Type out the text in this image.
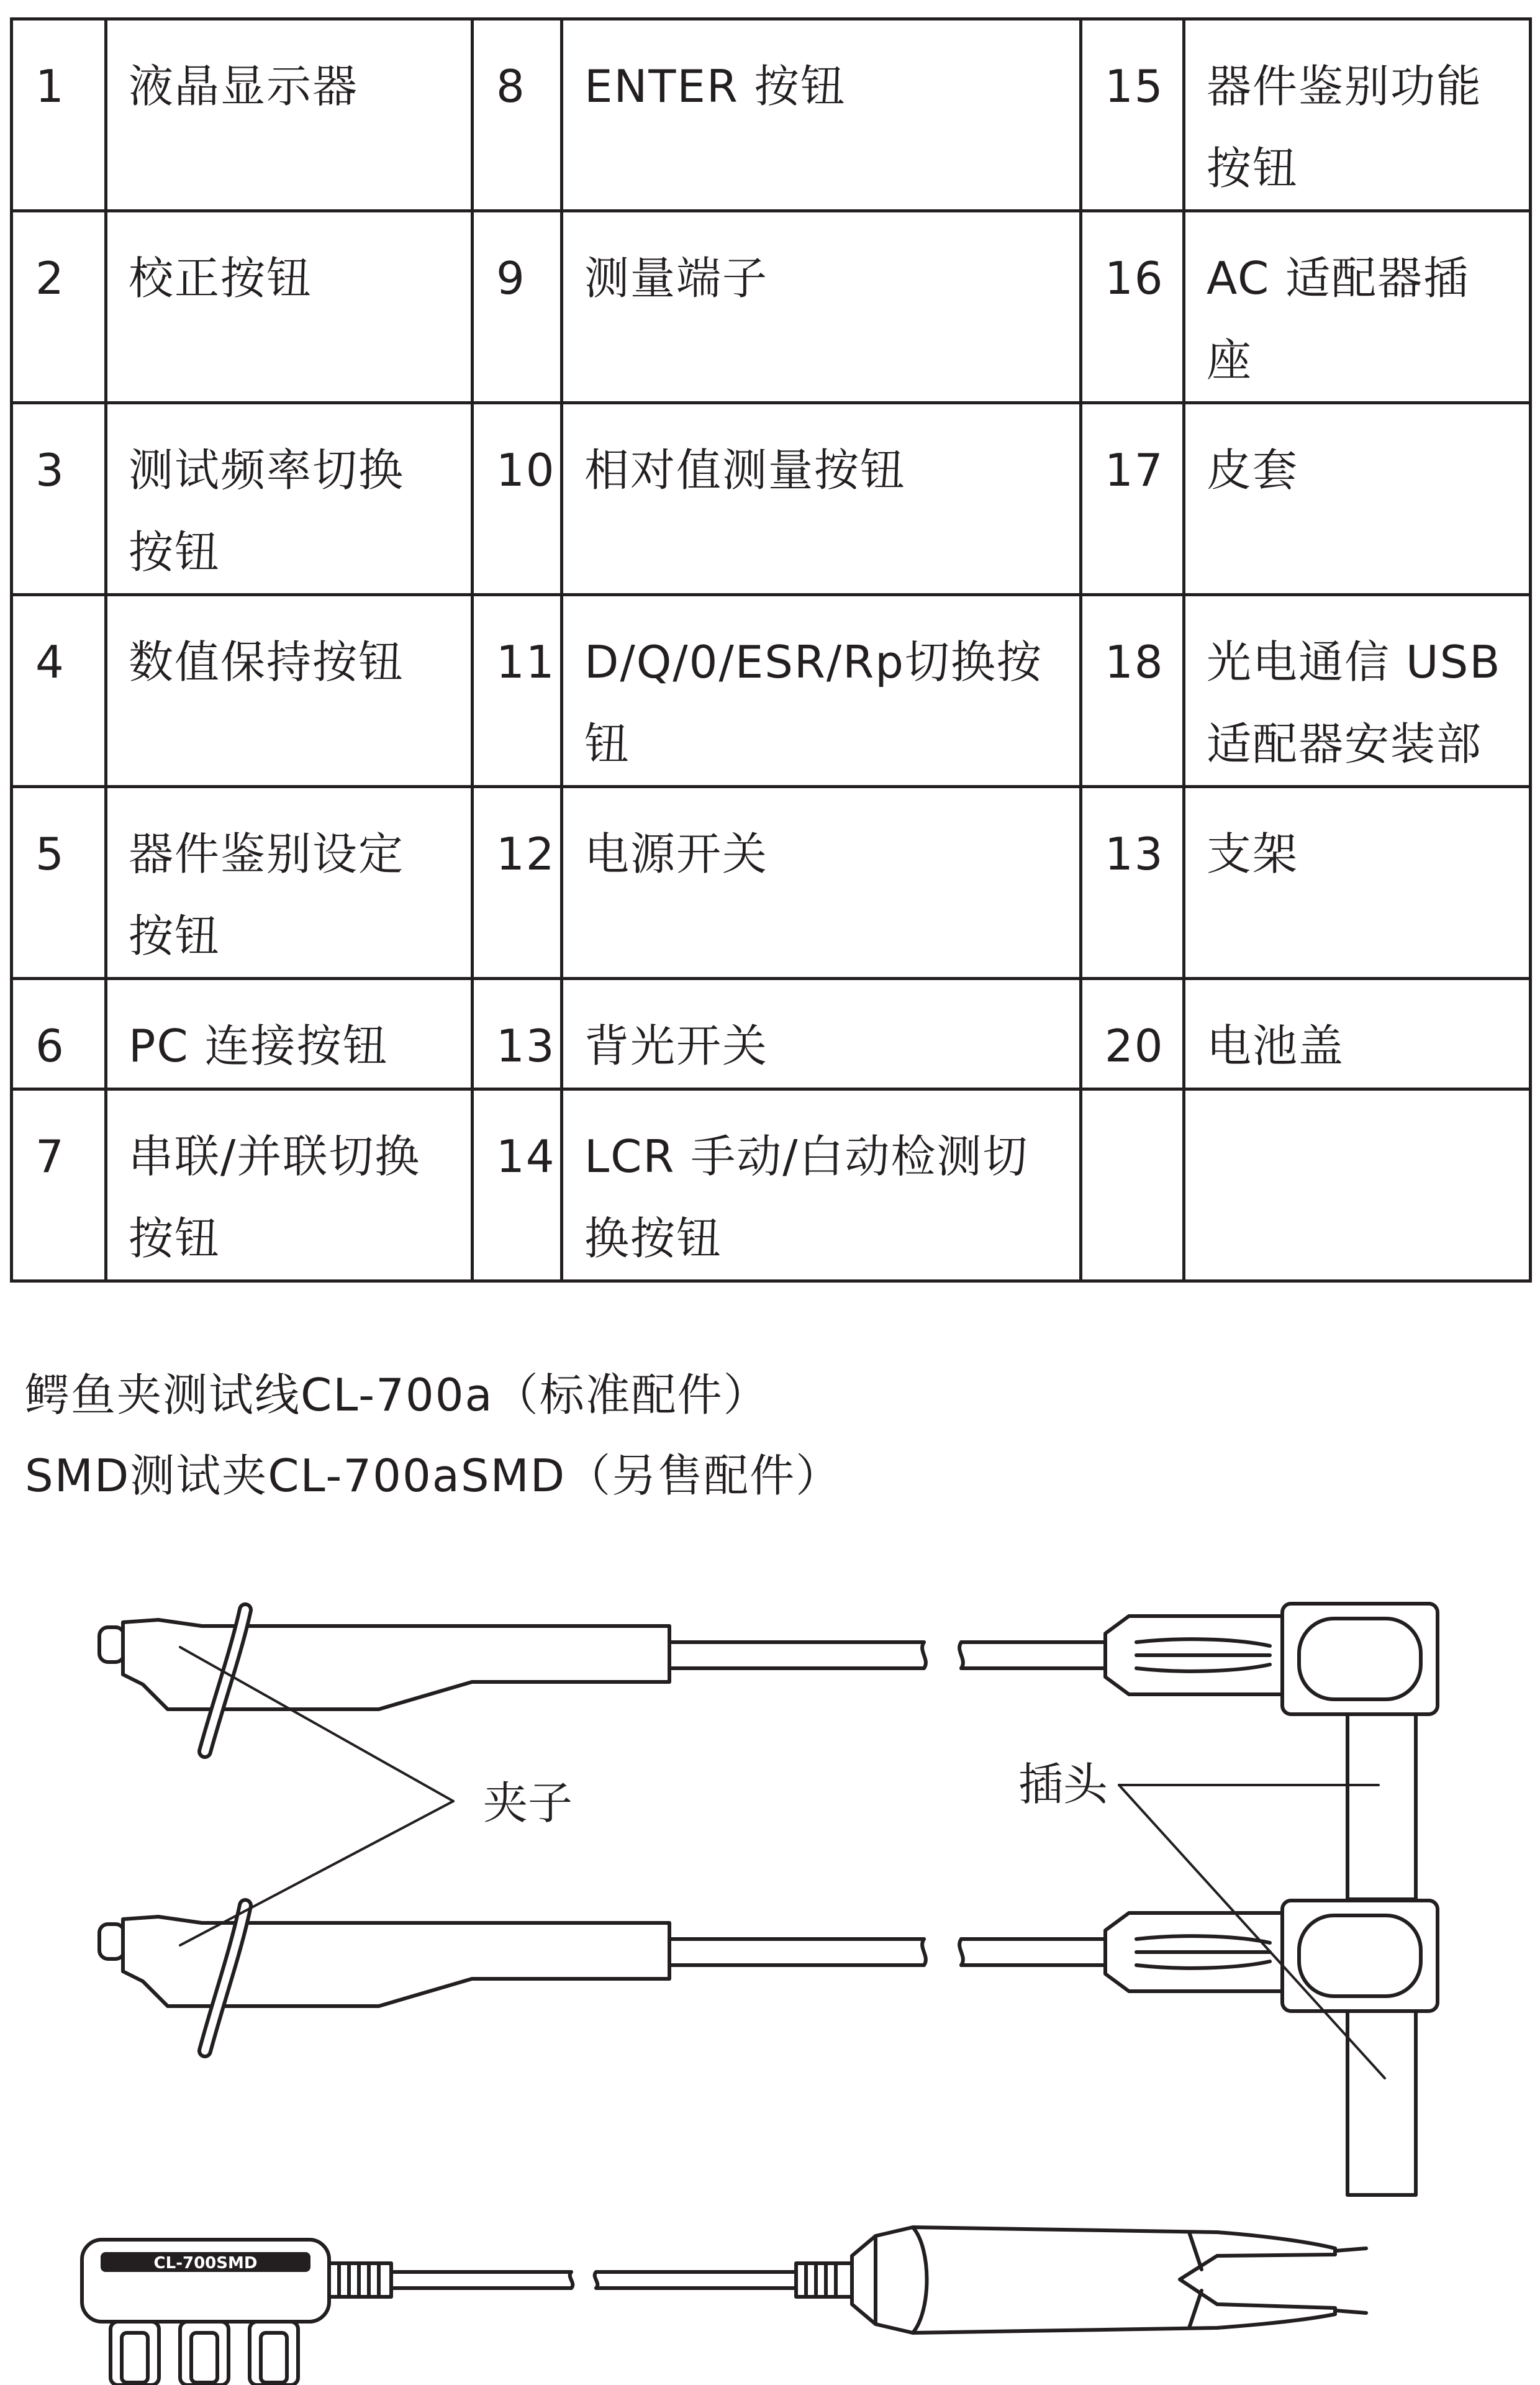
1	液晶显示器	8	ENTER 按钮	15	器件鉴别功能按钮
2	校正按钮	9	测量端子	16	AC 适配器插座
3	测试频率切换按钮	10	相对值测量按钮	17	皮套
4	数值保持按钮	11	D/Q/0/ESR/Rp切换按钮	18	光电通信 USB 适配器安装部
5	器件鉴别设定按钮	12	电源开关	13	支架
6	PC 连接按钮	13	背光开关	20	电池盖
7	串联/并联切换按钮	14	LCR 手动/白动检测切换按钮		
鳄鱼夹测试线CL-700a（标准配件）
SMD测试夹CL-700aSMD（另售配件）
夹子	插头
CL-700SMD
